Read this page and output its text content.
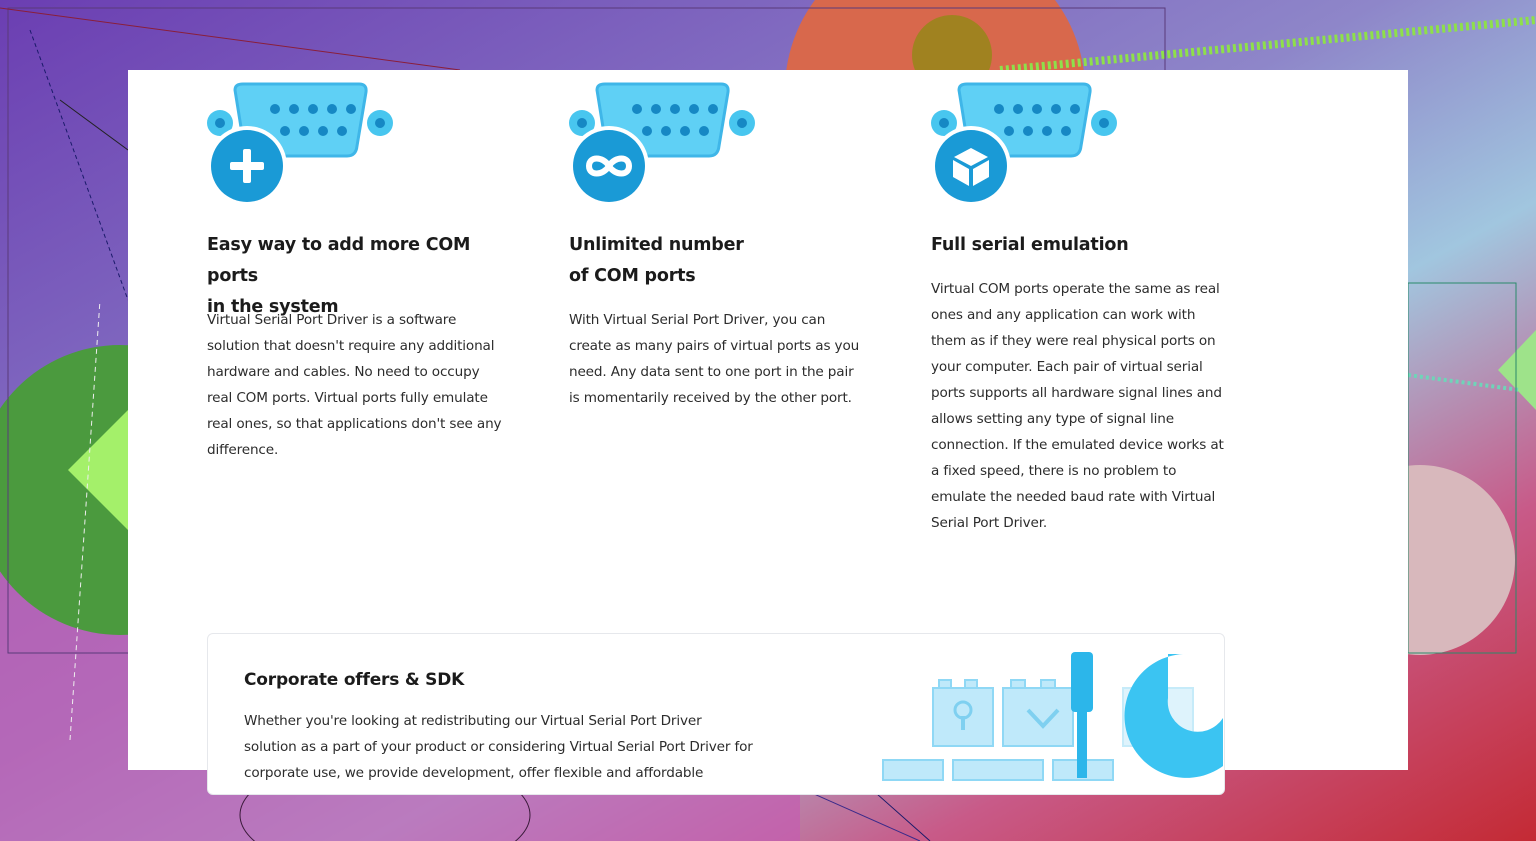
Easy way to add more COM ports
in the system

Virtual Serial Port Driver is a software solution that doesn't require any additional hardware and cables. No need to occupy real COM ports. Virtual ports fully emulate real ones, so that applications don't see any difference.

Unlimited number
of COM ports

With Virtual Serial Port Driver, you can create as many pairs of virtual ports as you need. Any data sent to one port in the pair is momentarily received by the other port.

Full serial emulation

Virtual COM ports operate the same as real ones and any application can work with them as if they were real physical ports on your computer. Each pair of virtual serial ports supports all hardware signal lines and allows setting any type of signal line connection. If the emulated device works at a fixed speed, there is no problem to emulate the needed baud rate with Virtual Serial Port Driver.

Corporate offers & SDK

Whether you're looking at redistributing our Virtual Serial Port Driver solution as a part of your product or considering Virtual Serial Port Driver for corporate use, we provide development, offer flexible and affordable
